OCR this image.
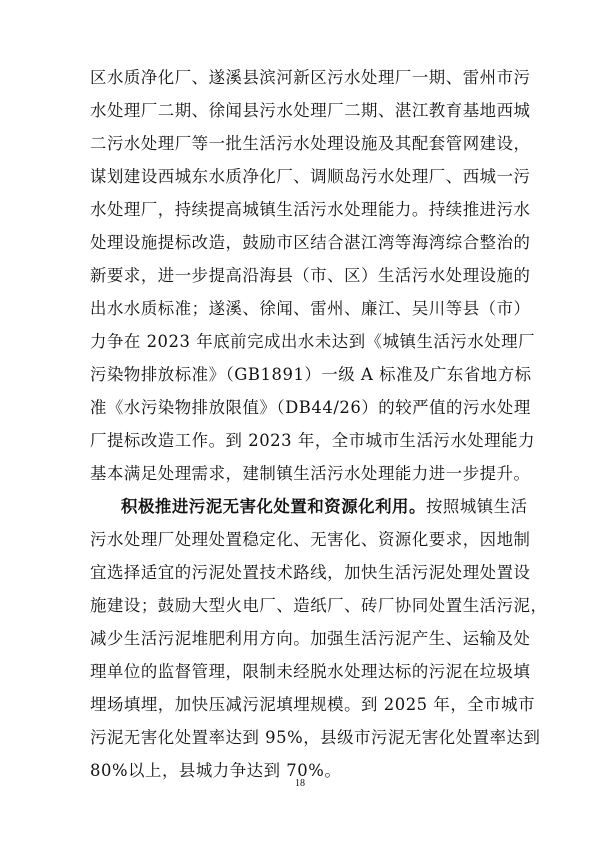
区水质净化厂、遂溪县滨河新区污水处理厂一期、雷州市污
水处理厂二期、徐闻县污水处理厂二期、湛江教育基地西城
二污水处理厂等一批生活污水处理设施及其配套管网建设，
谋划建设西城东水质净化厂、调顺岛污水处理厂、西城一污
水处理厂，持续提高城镇生活污水处理能力。持续推进污水
处理设施提标改造，鼓励市区结合湛江湾等海湾综合整治的
新要求，进一步提高沿海县（市、区）生活污水处理设施的
出水水质标准；遂溪、徐闻、雷州、廉江、吴川等县（市）
力争在 2023 年底前完成出水未达到《城镇生活污水处理厂
污染物排放标准》（GB1891）一级 A 标准及广东省地方标
准《水污染物排放限值》（DB44/26）的较严值的污水处理
厂提标改造工作。到 2023 年，全市城市生活污水处理能力
基本满足处理需求，建制镇生活污水处理能力进一步提升。
积极推进污泥无害化处置和资源化利用。按照城镇生活
污水处理厂处理处置稳定化、无害化、资源化要求，因地制
宜选择适宜的污泥处置技术路线，加快生活污泥处理处置设
施建设；鼓励大型火电厂、造纸厂、砖厂协同处置生活污泥，
减少生活污泥堆肥利用方向。加强生活污泥产生、运输及处
理单位的监督管理，限制未经脱水处理达标的污泥在垃圾填
埋场填埋，加快压减污泥填埋规模。到 2025 年，全市城市
污泥无害化处置率达到 95%，县级市污泥无害化处置率达到
80%以上，县城力争达到 70%。
18
